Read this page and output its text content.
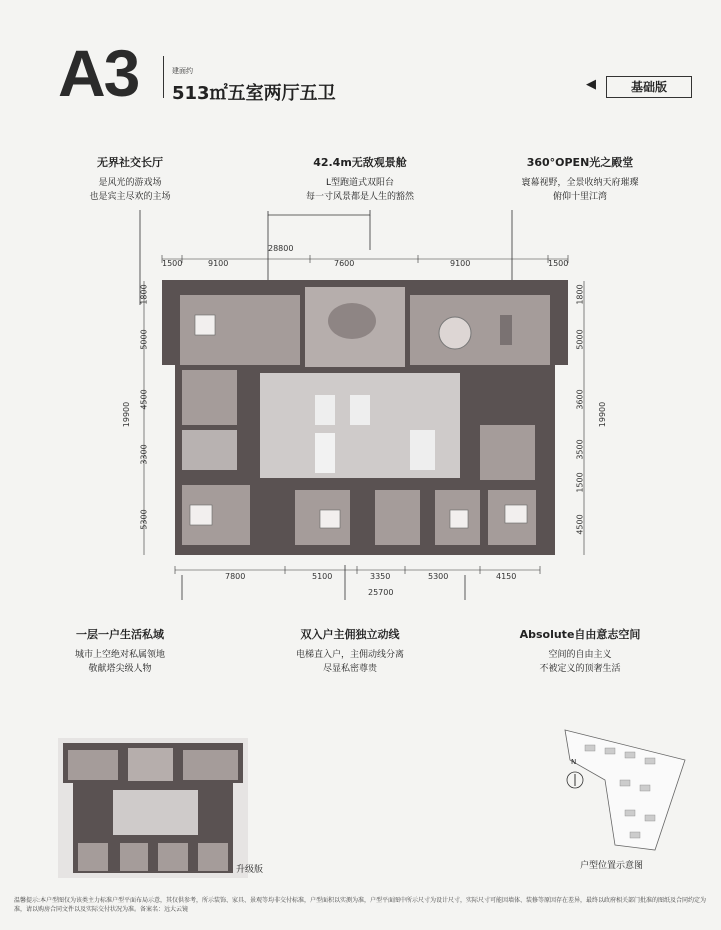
A3	建面约
513㎡五室两厅五卫	◀	基础版
无界社交长厅
是风光的游戏场
也是宾主尽欢的主场
42.4m无敌观景舱
L型跑道式双阳台
每一寸风景都是人生的豁然
360°OPEN光之殿堂
寰幕视野，全景收纳天府璀璨
俯仰十里江湾
28800
1500	9100	7600	9100	1500
7800	5100	3350	5300	4150
25700
1800
5000
4500
3300
5300
19900
1800
5000
3600
3500
1500
4500
19900
一层一户生活私域
城市上空绝对私属领地
敬献塔尖级人物
双入户主佣独立动线
电梯直入户，主佣动线分离
尽显私密尊贵
Absolute自由意志空间
空间的自由主义
不被定义的顶奢生活
升级版
N
户型位置示意图
温馨提示:本户型图仅为该类主力标准户型平面布局示意，其仅供参考，所示装饰、家具、景观等均非交付标准，户型面积以实测为准，户型平面图中所示尺寸为设计尺寸，实际尺寸可能因墙体、装修等原因存在差异，最终以政府相关部门批准的图纸及合同约定为准，请以购房合同文件以及实际交付状况为准。备案名：远大云镜
